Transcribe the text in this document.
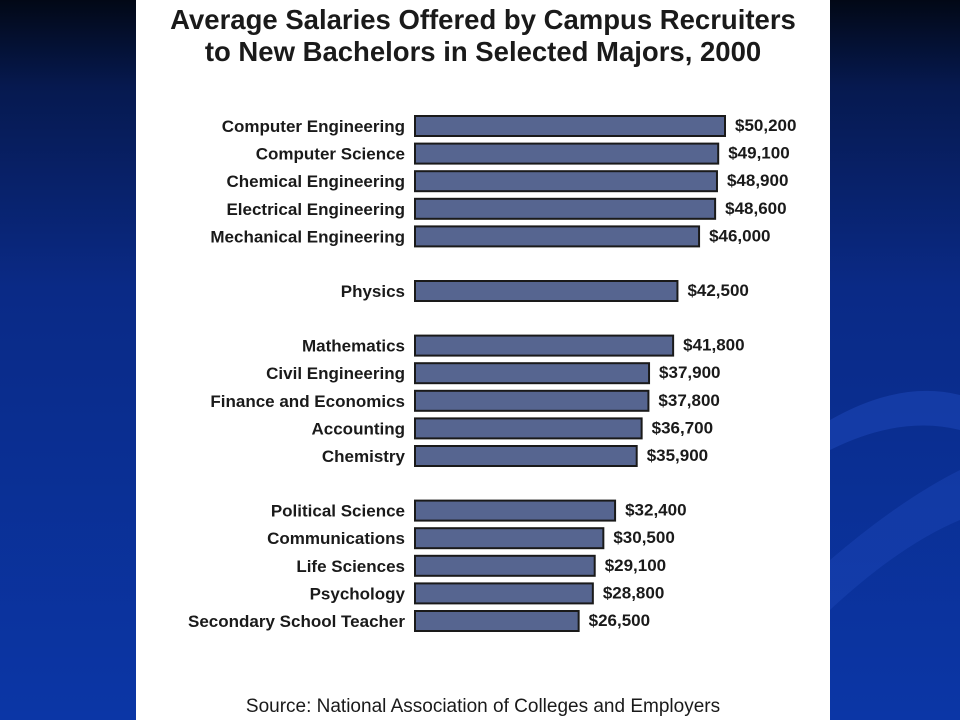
Average Salaries Offered by Campus Recruiters
to New Bachelors in Selected Majors, 2000
Computer Engineering	$50,200
Computer Science	$49,100
Chemical Engineering	$48,900
Electrical Engineering	$48,600
Mechanical Engineering	$46,000
Physics	$42,500
Mathematics	$41,800
Civil Engineering	$37,900
Finance and Economics	$37,800
Accounting	$36,700
Chemistry	$35,900
Political Science	$32,400
Communications	$30,500
Life Sciences	$29,100
Psychology	$28,800
Secondary School Teacher	$26,500
Source: National Association of Colleges and Employers
